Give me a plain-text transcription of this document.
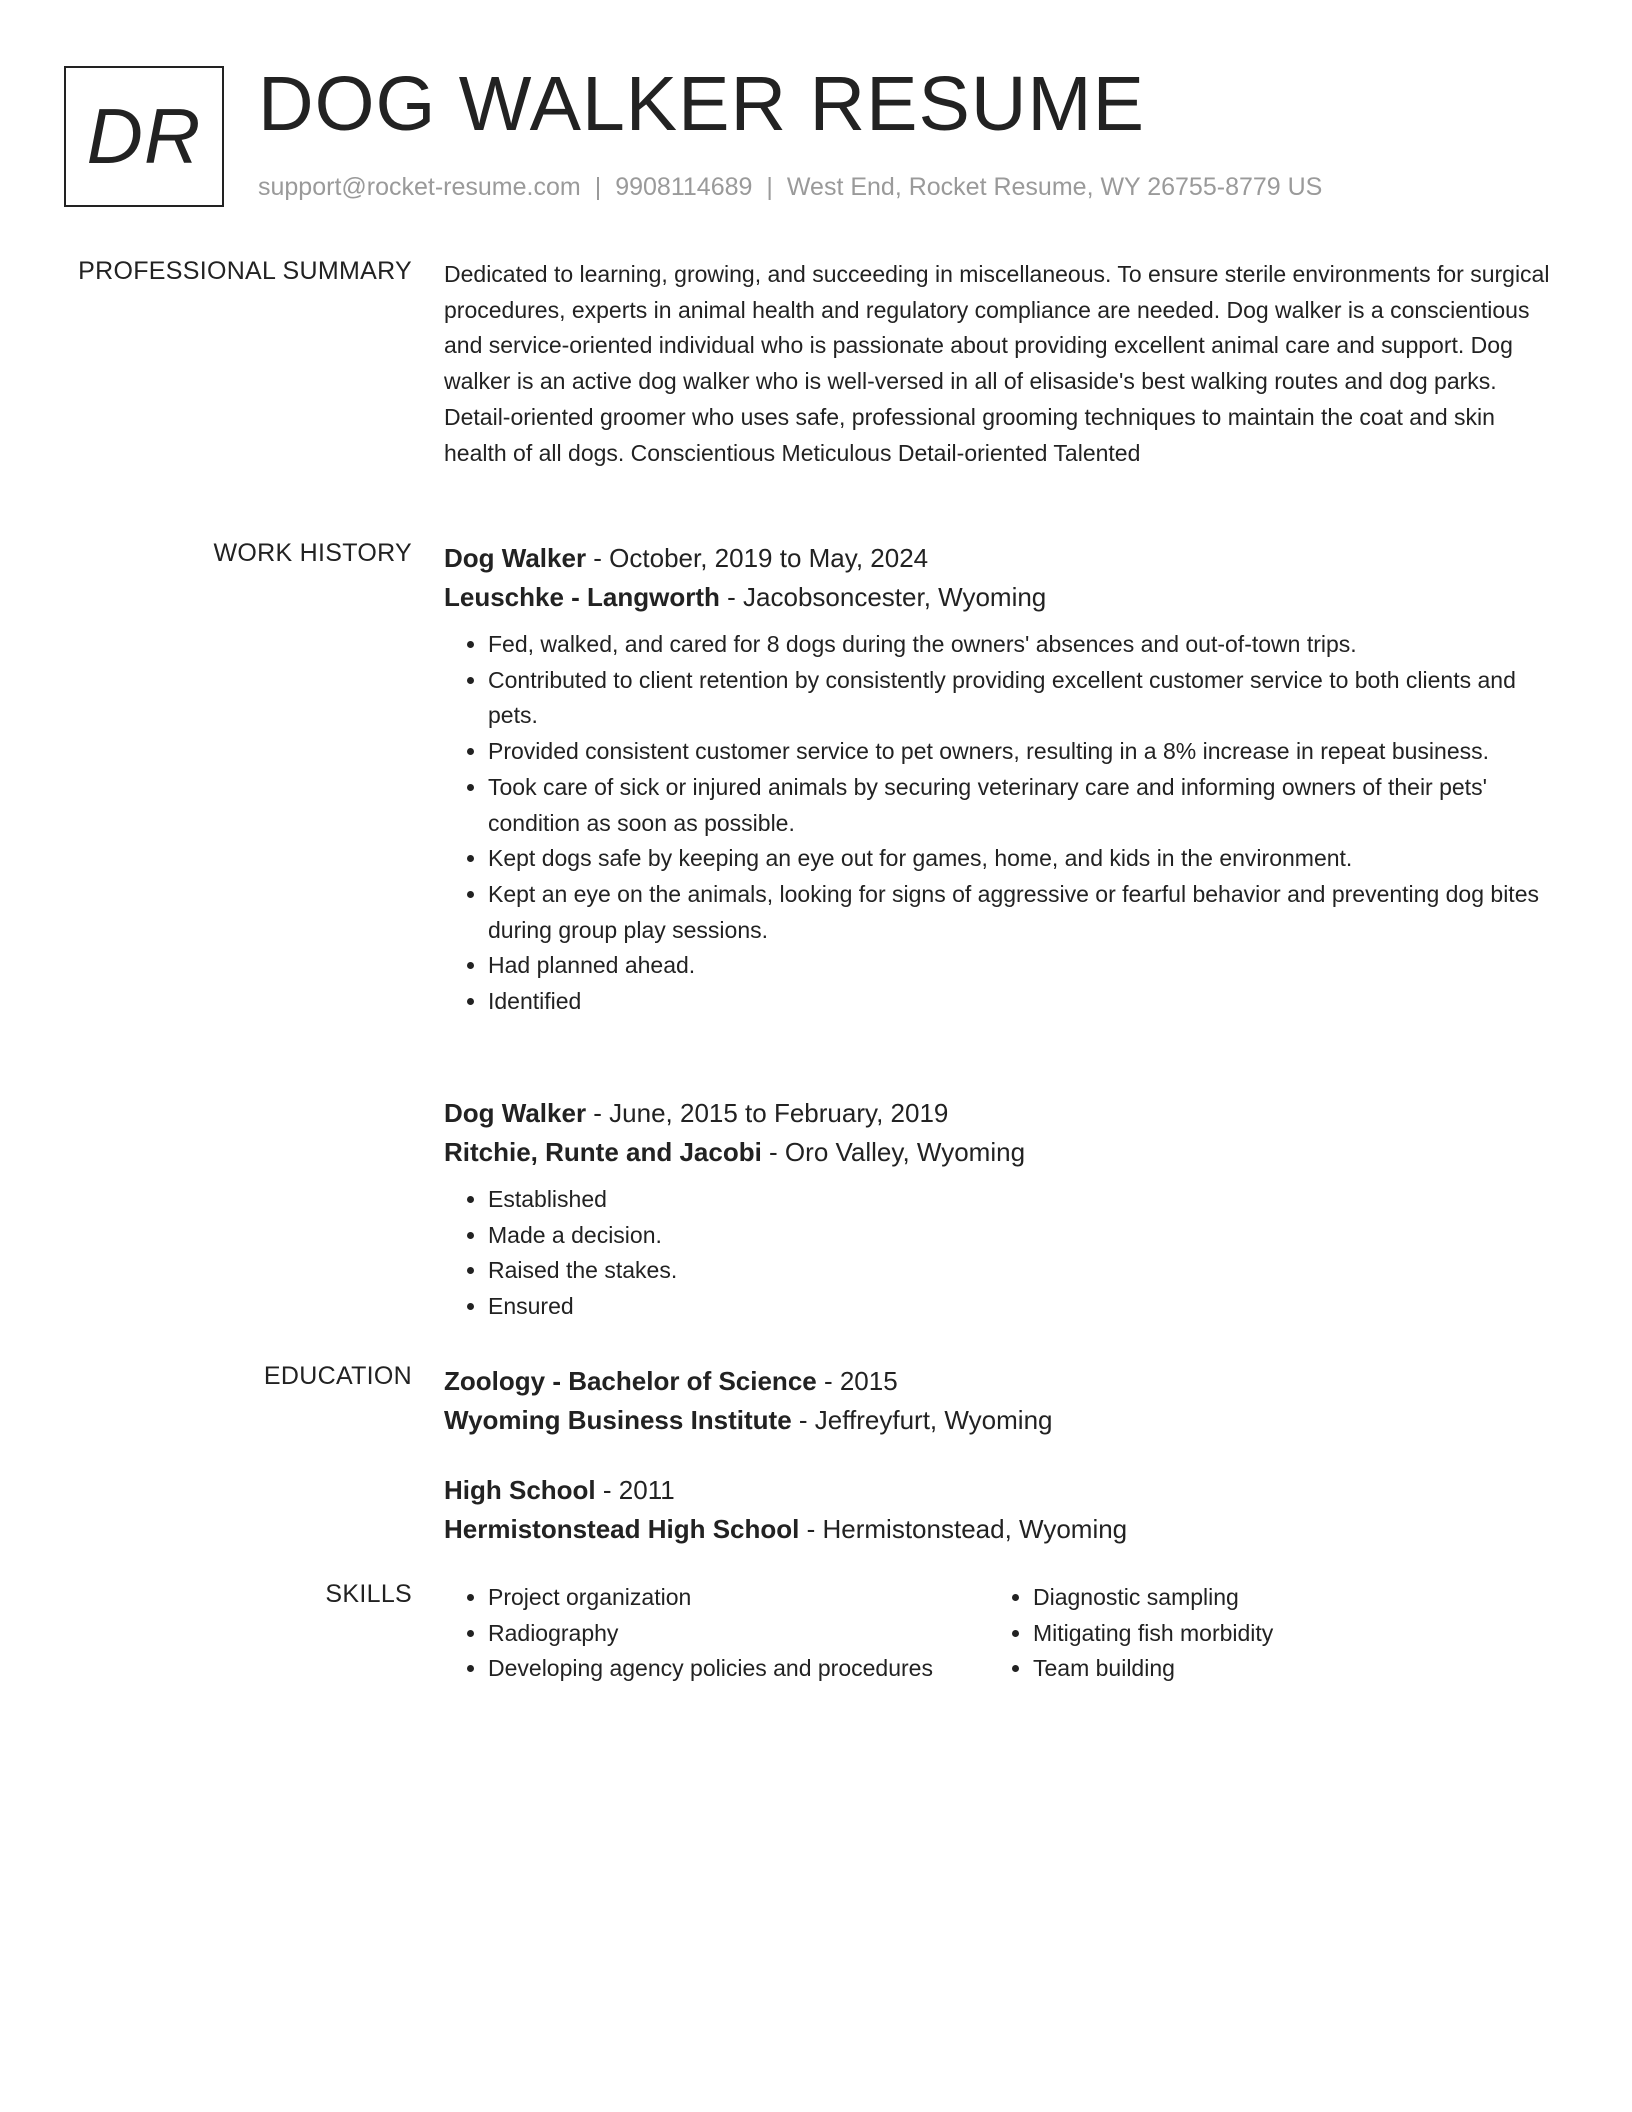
DR DOG WALKER RESUME
support@rocket-resume.com | 9908114689 | West End, Rocket Resume, WY 26755-8779 US
PROFESSIONAL SUMMARY Dedicated to learning, growing, and succeeding in miscellaneous. To ensure sterile environments for surgical procedures, experts in animal health and regulatory compliance are needed. Dog walker is a conscientious and service-oriented individual who is passionate about providing excellent animal care and support. Dog walker is an active dog walker who is well-versed in all of elisaside's best walking routes and dog parks. Detail-oriented groomer who uses safe, professional grooming techniques to maintain the coat and skin health of all dogs. Conscientious Meticulous Detail-oriented Talented

WORK HISTORY Dog Walker - October, 2019 to May, 2024
Leuschke - Langworth - Jacobsoncester, Wyoming
• Fed, walked, and cared for 8 dogs during the owners' absences and out-of-town trips.
• Contributed to client retention by consistently providing excellent customer service to both clients and pets.
• Provided consistent customer service to pet owners, resulting in a 8% increase in repeat business.
• Took care of sick or injured animals by securing veterinary care and informing owners of their pets' condition as soon as possible.
• Kept dogs safe by keeping an eye out for games, home, and kids in the environment.
• Kept an eye on the animals, looking for signs of aggressive or fearful behavior and preventing dog bites during group play sessions.
• Had planned ahead.
• Identified
Dog Walker - June, 2015 to February, 2019
Ritchie, Runte and Jacobi - Oro Valley, Wyoming
• Established
• Made a decision.
• Raised the stakes.
• Ensured
EDUCATION Zoology - Bachelor of Science - 2015
Wyoming Business Institute - Jeffreyfurt, Wyoming
High School - 2011
Hermistonstead High School - Hermistonstead, Wyoming
SKILLS
•	Project organization
• Radiography
• Developing agency policies and procedures
• Diagnostic sampling
• Mitigating fish morbidity
• Team building
